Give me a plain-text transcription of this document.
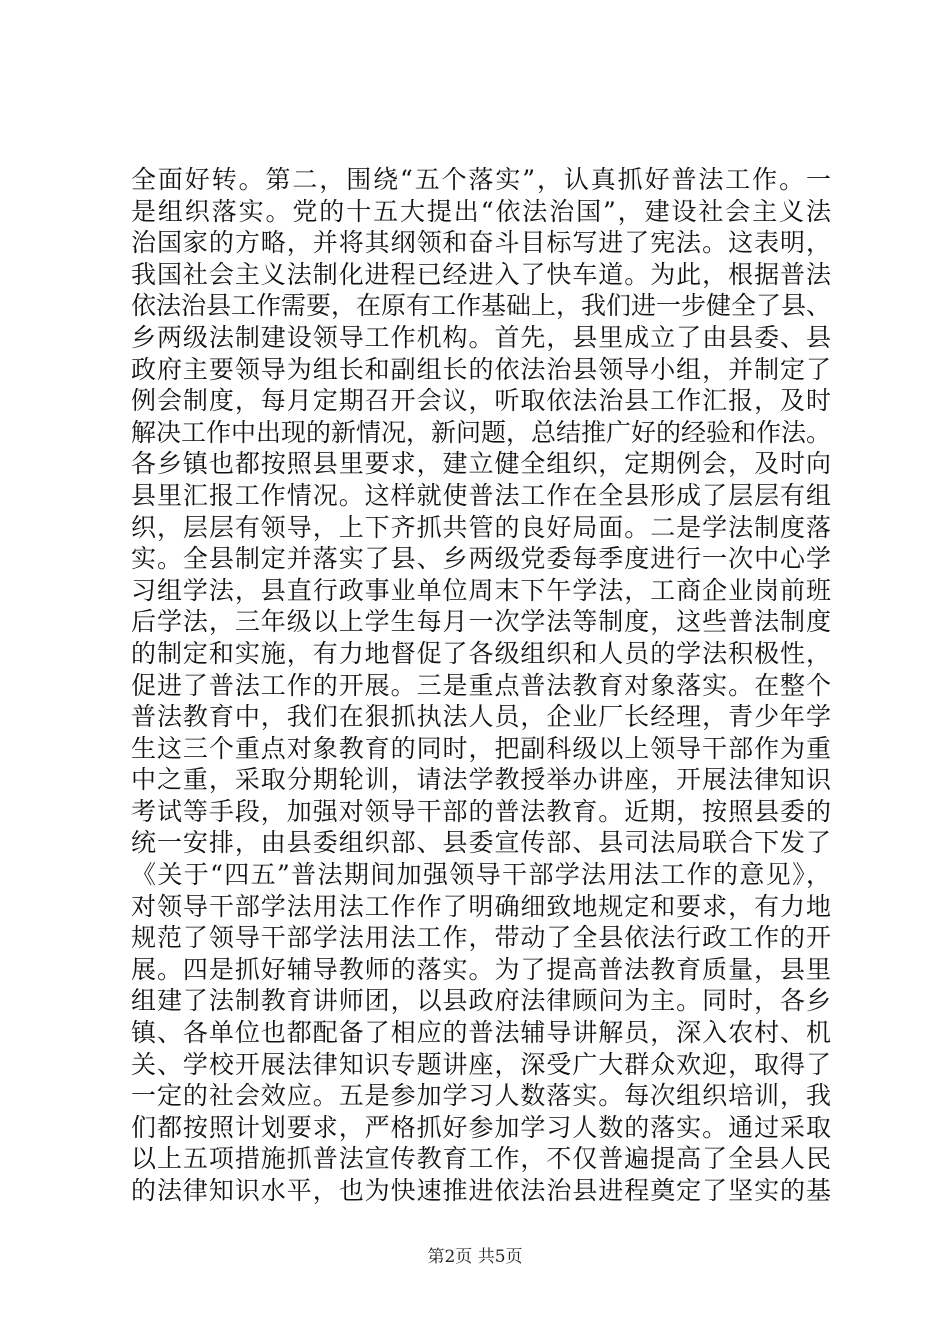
全面好转。第二，围绕“五个落实”，认真抓好普法工作。一
是组织落实。党的十五大提出“依法治国”，建设社会主义法
治国家的方略，并将其纲领和奋斗目标写进了宪法。这表明，
我国社会主义法制化进程已经进入了快车道。为此，根据普法
依法治县工作需要，在原有工作基础上，我们进一步健全了县、
乡两级法制建设领导工作机构。首先，县里成立了由县委、县
政府主要领导为组长和副组长的依法治县领导小组，并制定了
例会制度，每月定期召开会议，听取依法治县工作汇报，及时
解决工作中出现的新情况，新问题，总结推广好的经验和作法。
各乡镇也都按照县里要求，建立健全组织，定期例会，及时向
县里汇报工作情况。这样就使普法工作在全县形成了层层有组
织，层层有领导，上下齐抓共管的良好局面。二是学法制度落
实。全县制定并落实了县、乡两级党委每季度进行一次中心学
习组学法，县直行政事业单位周末下午学法，工商企业岗前班
后学法，三年级以上学生每月一次学法等制度，这些普法制度
的制定和实施，有力地督促了各级组织和人员的学法积极性，
促进了普法工作的开展。三是重点普法教育对象落实。在整个
普法教育中，我们在狠抓执法人员，企业厂长经理，青少年学
生这三个重点对象教育的同时，把副科级以上领导干部作为重
中之重，采取分期轮训，请法学教授举办讲座，开展法律知识
考试等手段，加强对领导干部的普法教育。近期，按照县委的
统一安排，由县委组织部、县委宣传部、县司法局联合下发了
《关于“四五”普法期间加强领导干部学法用法工作的意见》，
对领导干部学法用法工作作了明确细致地规定和要求，有力地
规范了领导干部学法用法工作，带动了全县依法行政工作的开
展。四是抓好辅导教师的落实。为了提高普法教育质量，县里
组建了法制教育讲师团，以县政府法律顾问为主。同时，各乡
镇、各单位也都配备了相应的普法辅导讲解员，深入农村、机
关、学校开展法律知识专题讲座，深受广大群众欢迎，取得了
一定的社会效应。五是参加学习人数落实。每次组织培训，我
们都按照计划要求，严格抓好参加学习人数的落实。通过采取
以上五项措施抓普法宣传教育工作，不仅普遍提高了全县人民
的法律知识水平，也为快速推进依法治县进程奠定了坚实的基
第2页 共5页
